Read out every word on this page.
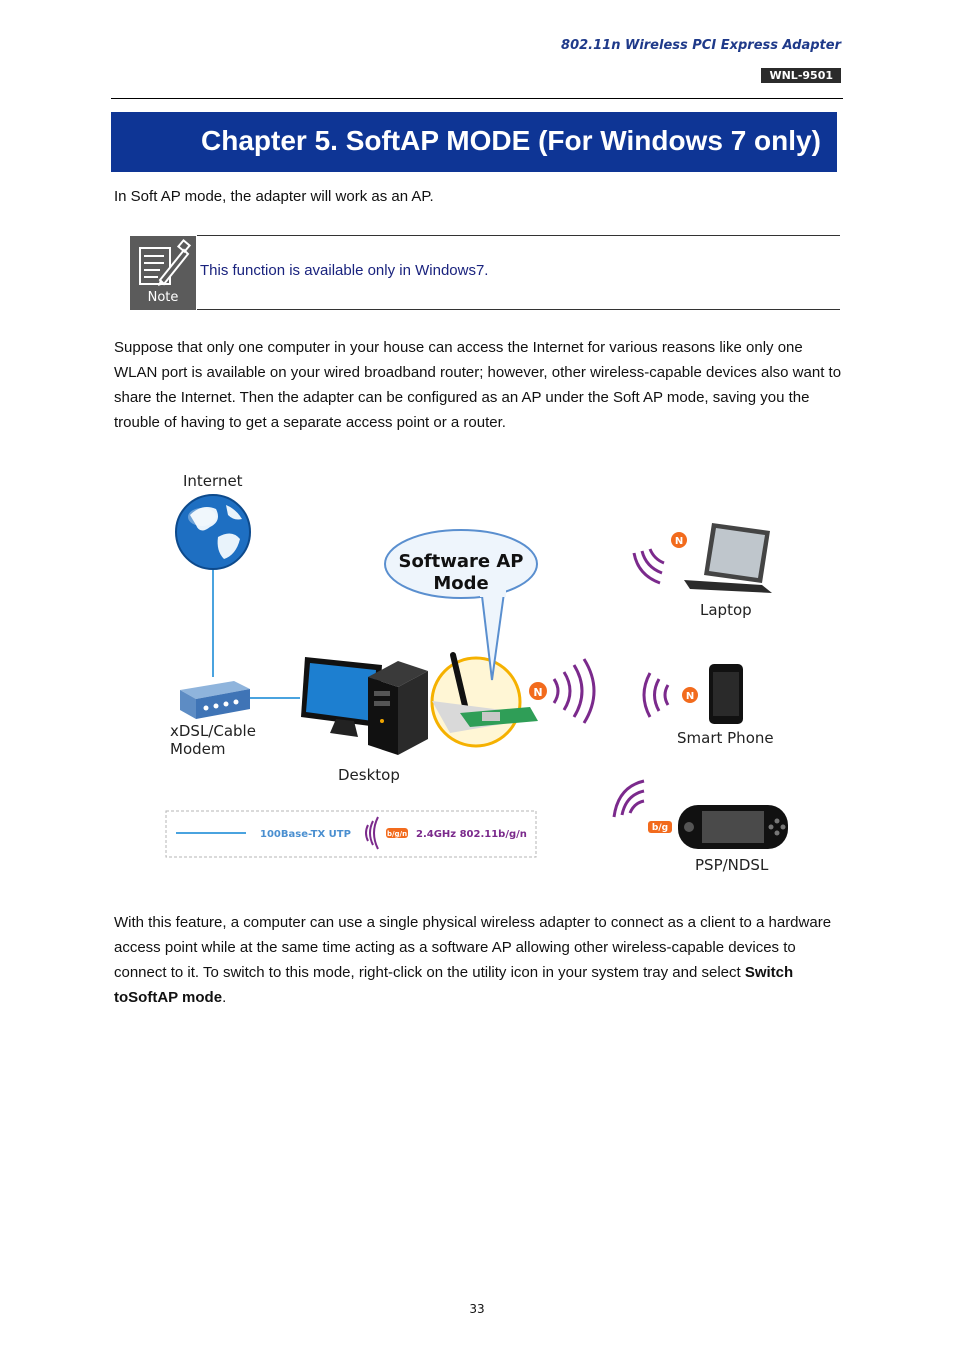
802.11n Wireless PCI Express Adapter
WNL-9501
Chapter 5. SoftAP MODE (For Windows 7 only)

In Soft AP mode, the adapter will work as an AP.

Note
This function is available only in Windows7.

Suppose that only one computer in your house can access the Internet for various reasons like only one WLAN port is available on your wired broadband router; however, other wireless-capable devices also want to share the Internet. Then the adapter can be configured as an AP under the Soft AP mode, saving you the trouble of having to get a separate access point or a router.

Internet
xDSL/Cable
Modem
Desktop
Software AP
Mode
N
N
Laptop
N
Smart Phone
b/g
PSP/NDSL
100Base-TX UTP	b/g/n 2.4GHz 802.11b/g/n

With this feature, a computer can use a single physical wireless adapter to connect as a client to a hardware access point while at the same time acting as a software AP allowing other wireless-capable devices to connect to it. To switch to this mode, right-click on the utility icon in your system tray and select Switch toSoftAP mode.

33
